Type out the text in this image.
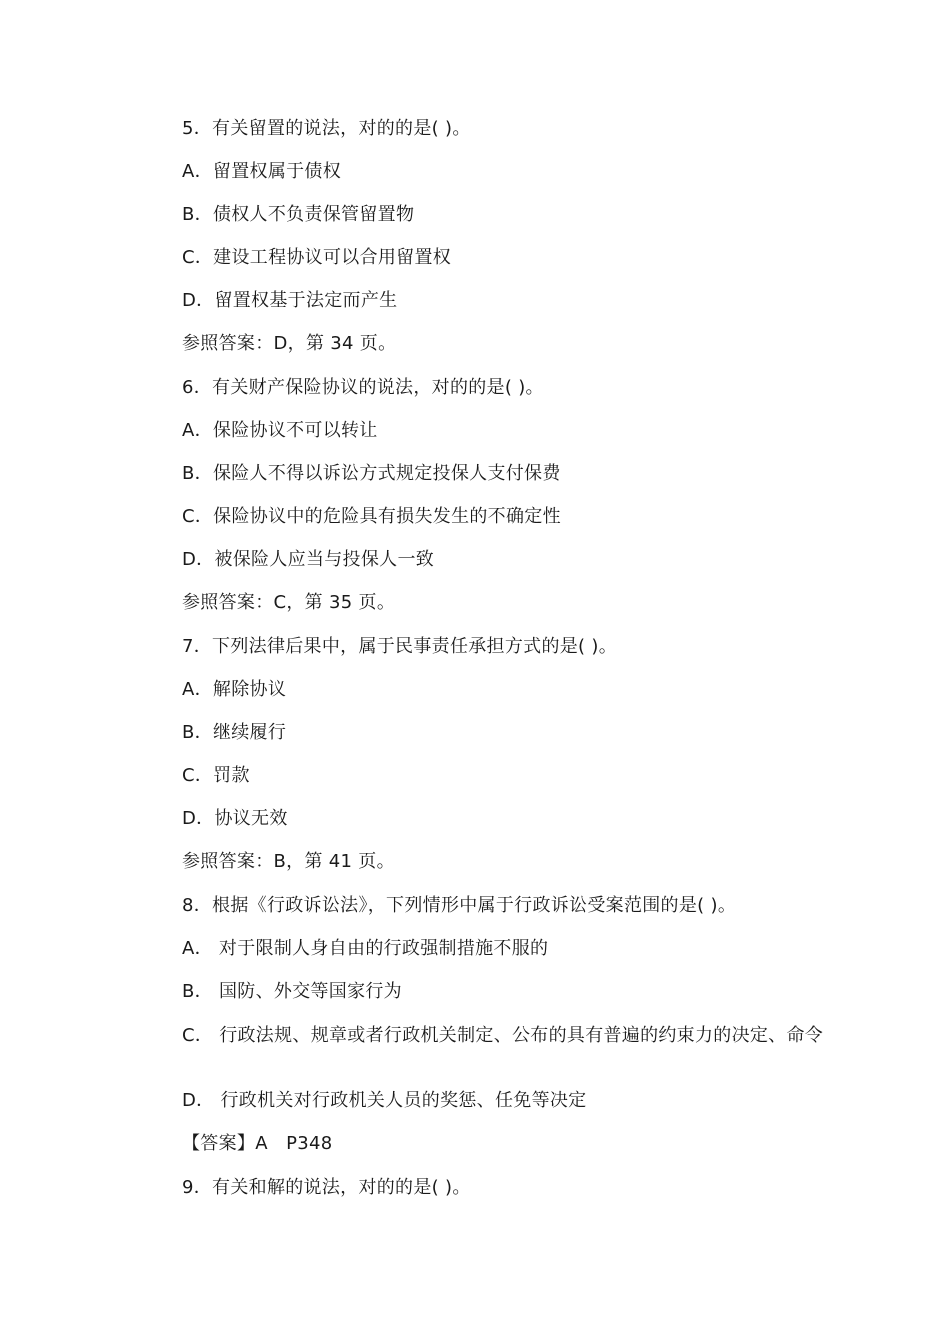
5．有关留置的说法，对的的是( )。
A．留置权属于债权
B．债权人不负责保管留置物
C．建设工程协议可以合用留置权
D．留置权基于法定而产生
参照答案：D，第 34 页。
6．有关财产保险协议的说法，对的的是( )。
A．保险协议不可以转让
B．保险人不得以诉讼方式规定投保人支付保费
C．保险协议中的危险具有损失发生的不确定性
D．被保险人应当与投保人一致
参照答案：C，第 35 页。
7．下列法律后果中，属于民事责任承担方式的是( )。
A．解除协议
B．继续履行
C．罚款
D．协议无效
参照答案：B，第 41 页。
8．根据《行政诉讼法》，下列情形中属于行政诉讼受案范围的是( )。
A． 对于限制人身自由的行政强制措施不服的
B． 国防、外交等国家行为
C． 行政法规、规章或者行政机关制定、公布的具有普遍的约束力的决定、命令
D． 行政机关对行政机关人员的奖惩、任免等决定
【答案】A　P348
9．有关和解的说法，对的的是( )。
